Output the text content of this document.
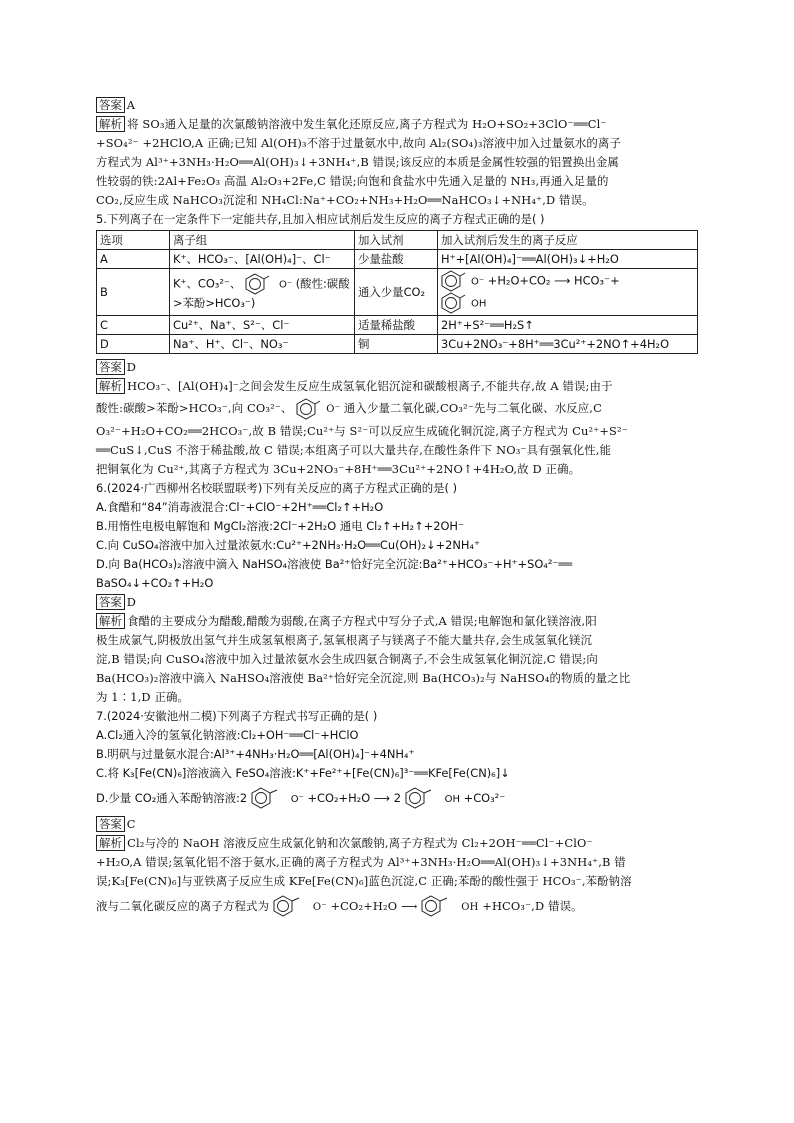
答案 A
解析 将 SO₃通入足量的次氯酸钠溶液中发生氧化还原反应,离子方程式为 H₂O+SO₂+3ClO⁻══Cl⁻
+SO₄²⁻ +2HClO,A 正确;已知 Al(OH)₃不溶于过量氨水中,故向 Al₂(SO₄)₃溶液中加入过量氨水的离子
方程式为 Al³⁺+3NH₃·H₂O══Al(OH)₃↓+3NH₄⁺,B 错误;该反应的本质是金属性较强的铝置换出金属
性较弱的铁:2Al+Fe₂O₃ 高温 Al₂O₃+2Fe,C 错误;向饱和食盐水中先通入足量的 NH₃,再通入足量的
CO₂,反应生成 NaHCO₃沉淀和 NH₄Cl:Na⁺+CO₂+NH₃+H₂O══NaHCO₃↓+NH₄⁺,D 错误。
5.下列离子在一定条件下一定能共存,且加入相应试剂后发生反应的离子方程式正确的是( )
选项	离子组	加入试剂	加入试剂后发生的离子反应
A	K⁺、HCO₃⁻、[Al(OH)₄]⁻、Cl⁻	少量盐酸	H⁺+[Al(OH)₄]⁻══Al(OH)₃↓+H₂O
B	K⁺、CO₃²⁻、 O⁻ (酸性:碳酸>苯酚>HCO₃⁻)	通入少量CO₂	O⁻ +H₂O+CO₂ ⟶ HCO₃⁻+
OH
C	Cu²⁺、Na⁺、S²⁻、Cl⁻	适量稀盐酸	2H⁺+S²⁻══H₂S↑
D	Na⁺、H⁺、Cl⁻、NO₃⁻	铜	3Cu+2NO₃⁻+8H⁺══3Cu²⁺+2NO↑+4H₂O
答案 D
解析 HCO₃⁻、[Al(OH)₄]⁻之间会发生反应生成氢氧化铝沉淀和碳酸根离子,不能共存,故 A 错误;由于
酸性:碳酸>苯酚>HCO₃⁻,向 CO₃²⁻、	O⁻ 通入少量二氧化碳,CO₃²⁻先与二氧化碳、水反应,C
O₃²⁻+H₂O+CO₂══2HCO₃⁻,故 B 错误;Cu²⁺与 S²⁻可以反应生成硫化铜沉淀,离子方程式为 Cu²⁺+S²⁻
══CuS↓,CuS 不溶于稀盐酸,故 C 错误;本组离子可以大量共存,在酸性条件下 NO₃⁻具有强氧化性,能
把铜氧化为 Cu²⁺,其离子方程式为 3Cu+2NO₃⁻+8H⁺══3Cu²⁺+2NO↑+4H₂O,故 D 正确。
6.(2024·广西柳州名校联盟联考)下列有关反应的离子方程式正确的是( )
A.食醋和“84”消毒液混合:Cl⁻+ClO⁻+2H⁺══Cl₂↑+H₂O
B.用惰性电极电解饱和 MgCl₂溶液:2Cl⁻+2H₂O 通电 Cl₂↑+H₂↑+2OH⁻
C.向 CuSO₄溶液中加入过量浓氨水:Cu²⁺+2NH₃·H₂O══Cu(OH)₂↓+2NH₄⁺
D.向 Ba(HCO₃)₂溶液中滴入 NaHSO₄溶液使 Ba²⁺恰好完全沉淀:Ba²⁺+HCO₃⁻+H⁺+SO₄²⁻══
BaSO₄↓+CO₂↑+H₂O
答案 D
解析 食醋的主要成分为醋酸,醋酸为弱酸,在离子方程式中写分子式,A 错误;电解饱和氯化镁溶液,阳
极生成氯气,阴极放出氢气并生成氢氧根离子,氢氧根离子与镁离子不能大量共存,会生成氢氧化镁沉
淀,B 错误;向 CuSO₄溶液中加入过量浓氨水会生成四氨合铜离子,不会生成氢氧化铜沉淀,C 错误;向
Ba(HCO₃)₂溶液中滴入 NaHSO₄溶液使 Ba²⁺恰好完全沉淀,则 Ba(HCO₃)₂与 NaHSO₄的物质的量之比
为 1∶1,D 正确。
7.(2024·安徽池州二模)下列离子方程式书写正确的是( )
A.Cl₂通入冷的氢氧化钠溶液:Cl₂+OH⁻══Cl⁻+HClO
B.明矾与过量氨水混合:Al³⁺+4NH₃·H₂O══[Al(OH)₄]⁻+4NH₄⁺
C.将 K₃[Fe(CN)₆]溶液滴入 FeSO₄溶液:K⁺+Fe²⁺+[Fe(CN)₆]³⁻══KFe[Fe(CN)₆]↓
D.少量 CO₂通入苯酚钠溶液:2	O⁻ +CO₂+H₂O ⟶ 2	OH +CO₃²⁻
答案 C
解析 Cl₂与冷的 NaOH 溶液反应生成氯化钠和次氯酸钠,离子方程式为 Cl₂+2OH⁻══Cl⁻+ClO⁻
+H₂O,A 错误;氢氧化铝不溶于氨水,正确的离子方程式为 Al³⁺+3NH₃·H₂O══Al(OH)₃↓+3NH₄⁺,B 错
误;K₃[Fe(CN)₆]与亚铁离子反应生成 KFe[Fe(CN)₆]蓝色沉淀,C 正确;苯酚的酸性强于 HCO₃⁻,苯酚钠溶
液与二氧化碳反应的离子方程式为	O⁻ +CO₂+H₂O ⟶	OH +HCO₃⁻,D 错误。
